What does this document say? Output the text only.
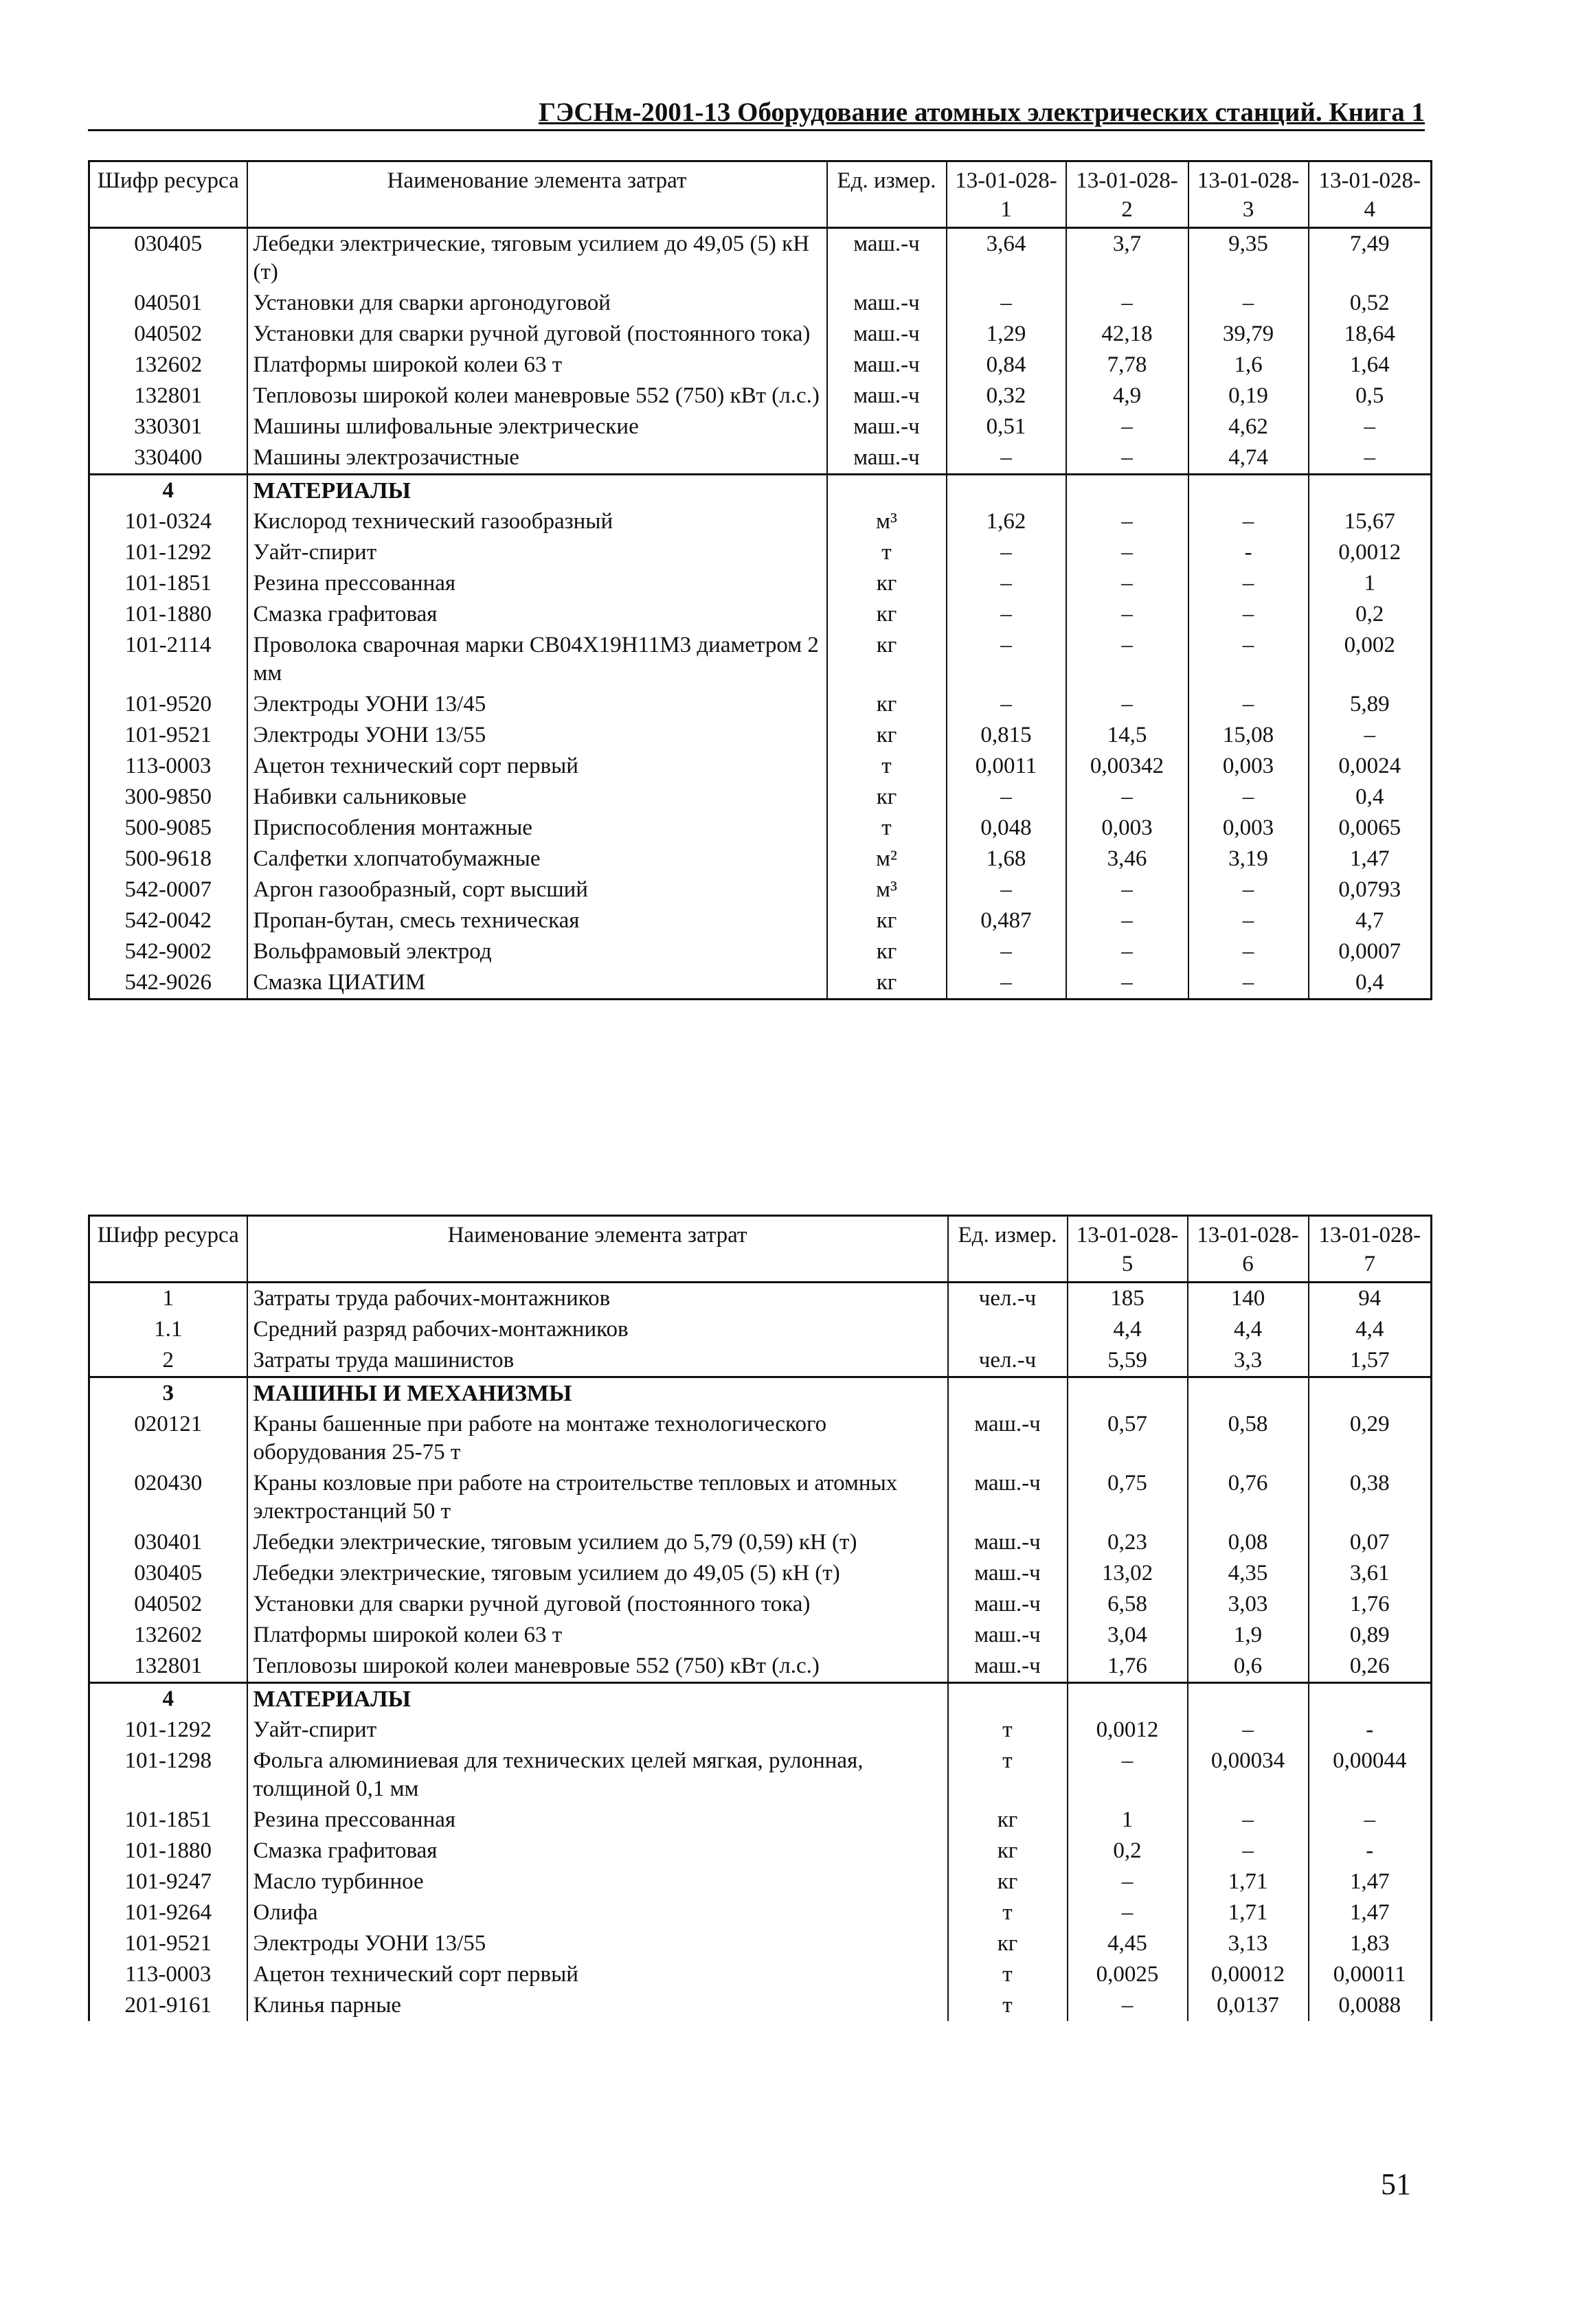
ГЭСНм-2001-13 Оборудование атомных электрических станций. Книга 1
Шифр ресурса	Наименование элемента затрат	Ед. измер.	13-01-028-1	13-01-028-2	13-01-028-3	13-01-028-4
030405	Лебедки электрические, тяговым усилием до 49,05 (5) кН (т)	маш.-ч	3,64	3,7	9,35	7,49
040501	Установки для сварки аргонодуговой	маш.-ч	–	–	–	0,52
040502	Установки для сварки ручной дуговой (постоянного тока)	маш.-ч	1,29	42,18	39,79	18,64
132602	Платформы широкой колеи 63 т	маш.-ч	0,84	7,78	1,6	1,64
132801	Тепловозы широкой колеи маневровые 552 (750) кВт (л.с.)	маш.-ч	0,32	4,9	0,19	0,5
330301	Машины шлифовальные электрические	маш.-ч	0,51	–	4,62	–
330400	Машины электрозачистные	маш.-ч	–	–	4,74	–
4	МАТЕРИАЛЫ					
101-0324	Кислород технический газообразный	м³	1,62	–	–	15,67
101-1292	Уайт-спирит	т	–	–	-	0,0012
101-1851	Резина прессованная	кг	–	–	–	1
101-1880	Смазка графитовая	кг	–	–	–	0,2
101-2114	Проволока сварочная марки СВ04Х19Н11М3 диаметром 2 мм	кг	–	–	–	0,002
101-9520	Электроды УОНИ 13/45	кг	–	–	–	5,89
101-9521	Электроды УОНИ 13/55	кг	0,815	14,5	15,08	–
113-0003	Ацетон технический сорт первый	т	0,0011	0,00342	0,003	0,0024
300-9850	Набивки сальниковые	кг	–	–	–	0,4
500-9085	Приспособления монтажные	т	0,048	0,003	0,003	0,0065
500-9618	Салфетки хлопчатобумажные	м²	1,68	3,46	3,19	1,47
542-0007	Аргон газообразный, сорт высший	м³	–	–	–	0,0793
542-0042	Пропан-бутан, смесь техническая	кг	0,487	–	–	4,7
542-9002	Вольфрамовый электрод	кг	–	–	–	0,0007
542-9026	Смазка ЦИАТИМ	кг	–	–	–	0,4
Шифр ресурса	Наименование элемента затрат	Ед. измер.	13-01-028-5	13-01-028-6	13-01-028-7
1	Затраты труда рабочих-монтажников	чел.-ч	185	140	94
1.1	Средний разряд рабочих-монтажников		4,4	4,4	4,4
2	Затраты труда машинистов	чел.-ч	5,59	3,3	1,57
3	МАШИНЫ И МЕХАНИЗМЫ				
020121	Краны башенные при работе на монтаже технологического оборудования 25-75 т	маш.-ч	0,57	0,58	0,29
020430	Краны козловые при работе на строительстве тепловых и атомных электростанций 50 т	маш.-ч	0,75	0,76	0,38
030401	Лебедки электрические, тяговым усилием до 5,79 (0,59) кН (т)	маш.-ч	0,23	0,08	0,07
030405	Лебедки электрические, тяговым усилием до 49,05 (5) кН (т)	маш.-ч	13,02	4,35	3,61
040502	Установки для сварки ручной дуговой (постоянного тока)	маш.-ч	6,58	3,03	1,76
132602	Платформы широкой колеи 63 т	маш.-ч	3,04	1,9	0,89
132801	Тепловозы широкой колеи маневровые 552 (750) кВт (л.с.)	маш.-ч	1,76	0,6	0,26
4	МАТЕРИАЛЫ				
101-1292	Уайт-спирит	т	0,0012	–	-
101-1298	Фольга алюминиевая для технических целей мягкая, рулонная, толщиной 0,1 мм	т	–	0,00034	0,00044
101-1851	Резина прессованная	кг	1	–	–
101-1880	Смазка графитовая	кг	0,2	–	-
101-9247	Масло турбинное	кг	–	1,71	1,47
101-9264	Олифа	т	–	1,71	1,47
101-9521	Электроды УОНИ 13/55	кг	4,45	3,13	1,83
113-0003	Ацетон технический сорт первый	т	0,0025	0,00012	0,00011
201-9161	Клинья парные	т	–	0,0137	0,0088
51
